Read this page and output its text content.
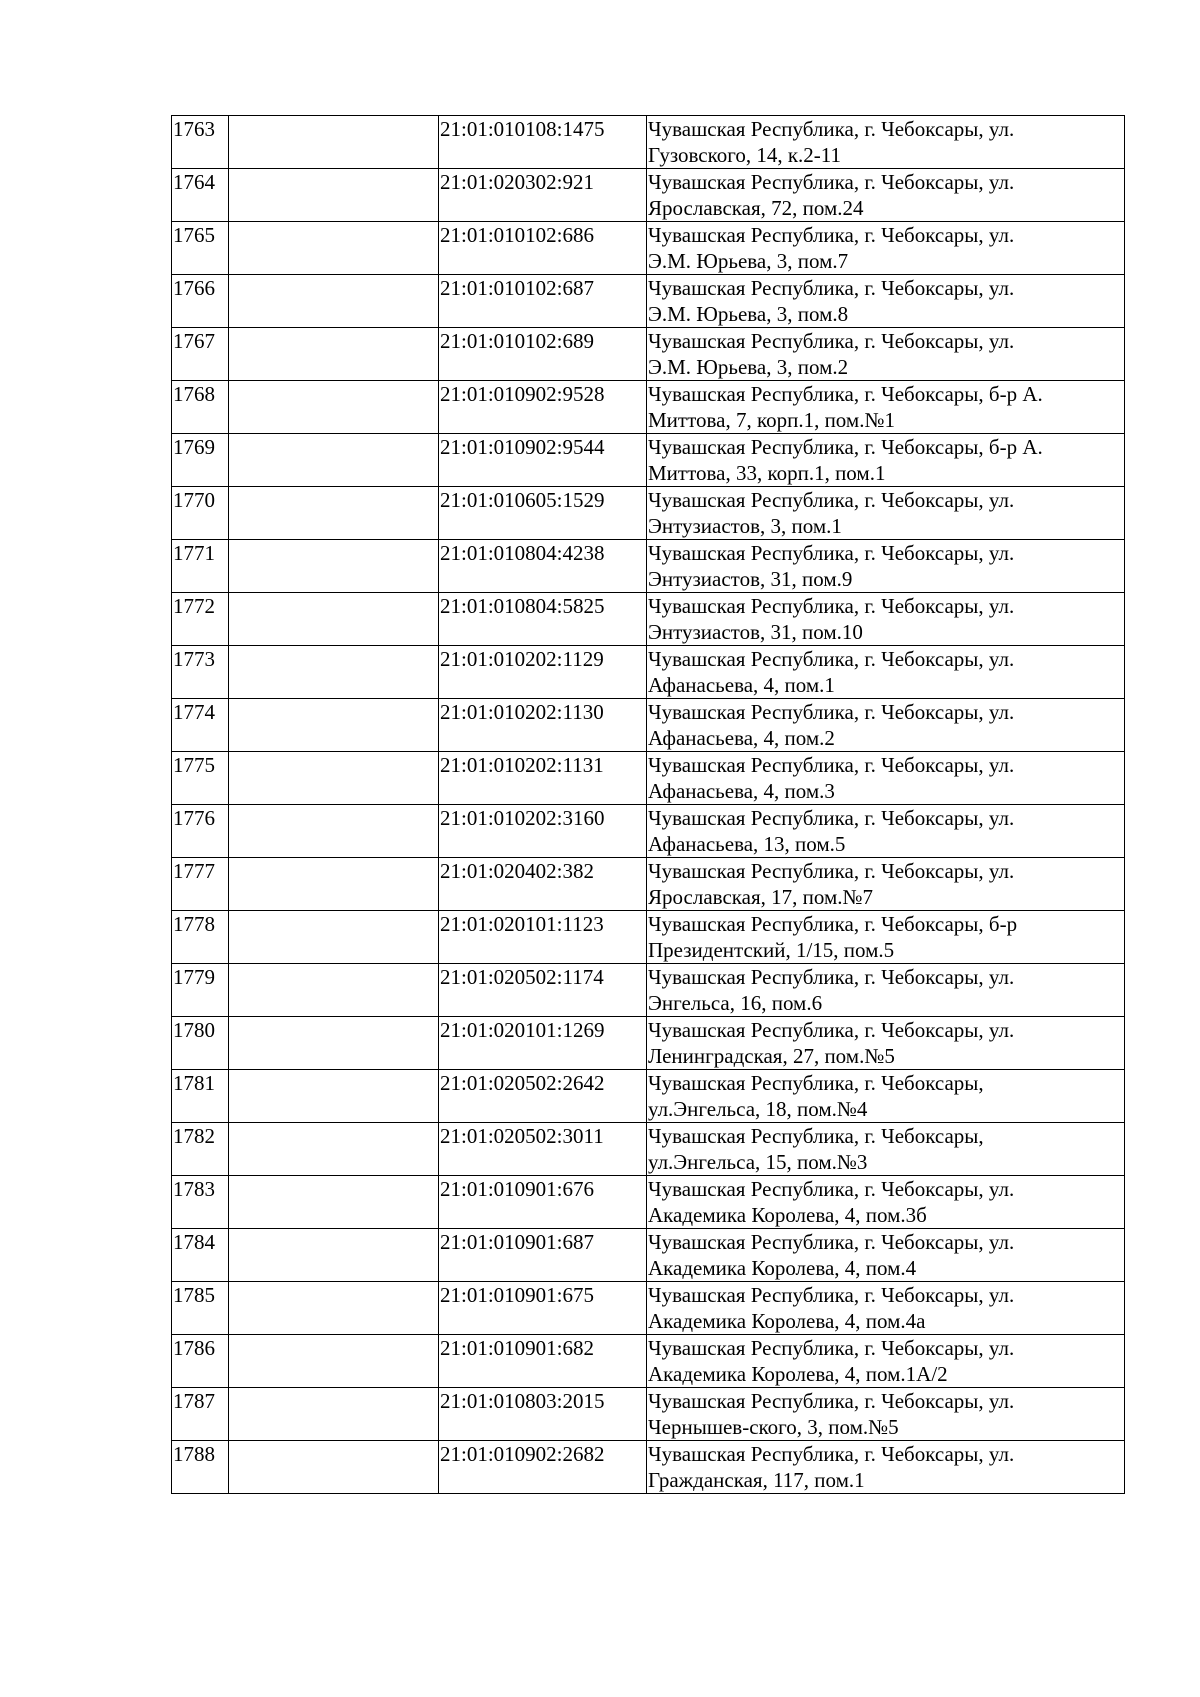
1763		21:01:010108:1475	Чувашская Республика, г. Чебоксары, ул.
Гузовского, 14, к.2-11

1764		21:01:020302:921	Чувашская Республика, г. Чебоксары, ул.
Ярославская, 72, пом.24

1765		21:01:010102:686	Чувашская Республика, г. Чебоксары, ул.
Э.М. Юрьева, 3, пом.7

1766		21:01:010102:687	Чувашская Республика, г. Чебоксары, ул.
Э.М. Юрьева, 3, пом.8

1767		21:01:010102:689	Чувашская Республика, г. Чебоксары, ул.
Э.М. Юрьева, 3, пом.2

1768		21:01:010902:9528	Чувашская Республика, г. Чебоксары, б-р А.
Миттова, 7, корп.1, пом.№1

1769		21:01:010902:9544	Чувашская Республика, г. Чебоксары, б-р А.
Миттова, 33, корп.1, пом.1

1770		21:01:010605:1529	Чувашская Республика, г. Чебоксары, ул.
Энтузиастов, 3, пом.1

1771		21:01:010804:4238	Чувашская Республика, г. Чебоксары, ул.
Энтузиастов, 31, пом.9

1772		21:01:010804:5825	Чувашская Республика, г. Чебоксары, ул.
Энтузиастов, 31, пом.10

1773		21:01:010202:1129	Чувашская Республика, г. Чебоксары, ул.
Афанасьева, 4, пом.1

1774		21:01:010202:1130	Чувашская Республика, г. Чебоксары, ул.
Афанасьева, 4, пом.2

1775		21:01:010202:1131	Чувашская Республика, г. Чебоксары, ул.
Афанасьева, 4, пом.3

1776		21:01:010202:3160	Чувашская Республика, г. Чебоксары, ул.
Афанасьева, 13, пом.5

1777		21:01:020402:382	Чувашская Республика, г. Чебоксары, ул.
Ярославская, 17, пом.№7

1778		21:01:020101:1123	Чувашская Республика, г. Чебоксары, б-р
Президентский, 1/15, пом.5

1779		21:01:020502:1174	Чувашская Республика, г. Чебоксары, ул.
Энгельса, 16, пом.6

1780		21:01:020101:1269	Чувашская Республика, г. Чебоксары, ул.
Ленинградская, 27, пом.№5

1781		21:01:020502:2642	Чувашская Республика, г. Чебоксары,
ул.Энгельса, 18, пом.№4

1782		21:01:020502:3011	Чувашская Республика, г. Чебоксары,
ул.Энгельса, 15, пом.№3

1783		21:01:010901:676	Чувашская Республика, г. Чебоксары, ул.
Академика Королева, 4, пом.3б

1784		21:01:010901:687	Чувашская Республика, г. Чебоксары, ул.
Академика Королева, 4, пом.4

1785		21:01:010901:675	Чувашская Республика, г. Чебоксары, ул.
Академика Королева, 4, пом.4а

1786		21:01:010901:682	Чувашская Республика, г. Чебоксары, ул.
Академика Королева, 4, пом.1А/2

1787		21:01:010803:2015	Чувашская Республика, г. Чебоксары, ул.
Чернышев-ского, 3, пом.№5

1788		21:01:010902:2682	Чувашская Республика, г. Чебоксары, ул.
Гражданская, 117, пом.1
